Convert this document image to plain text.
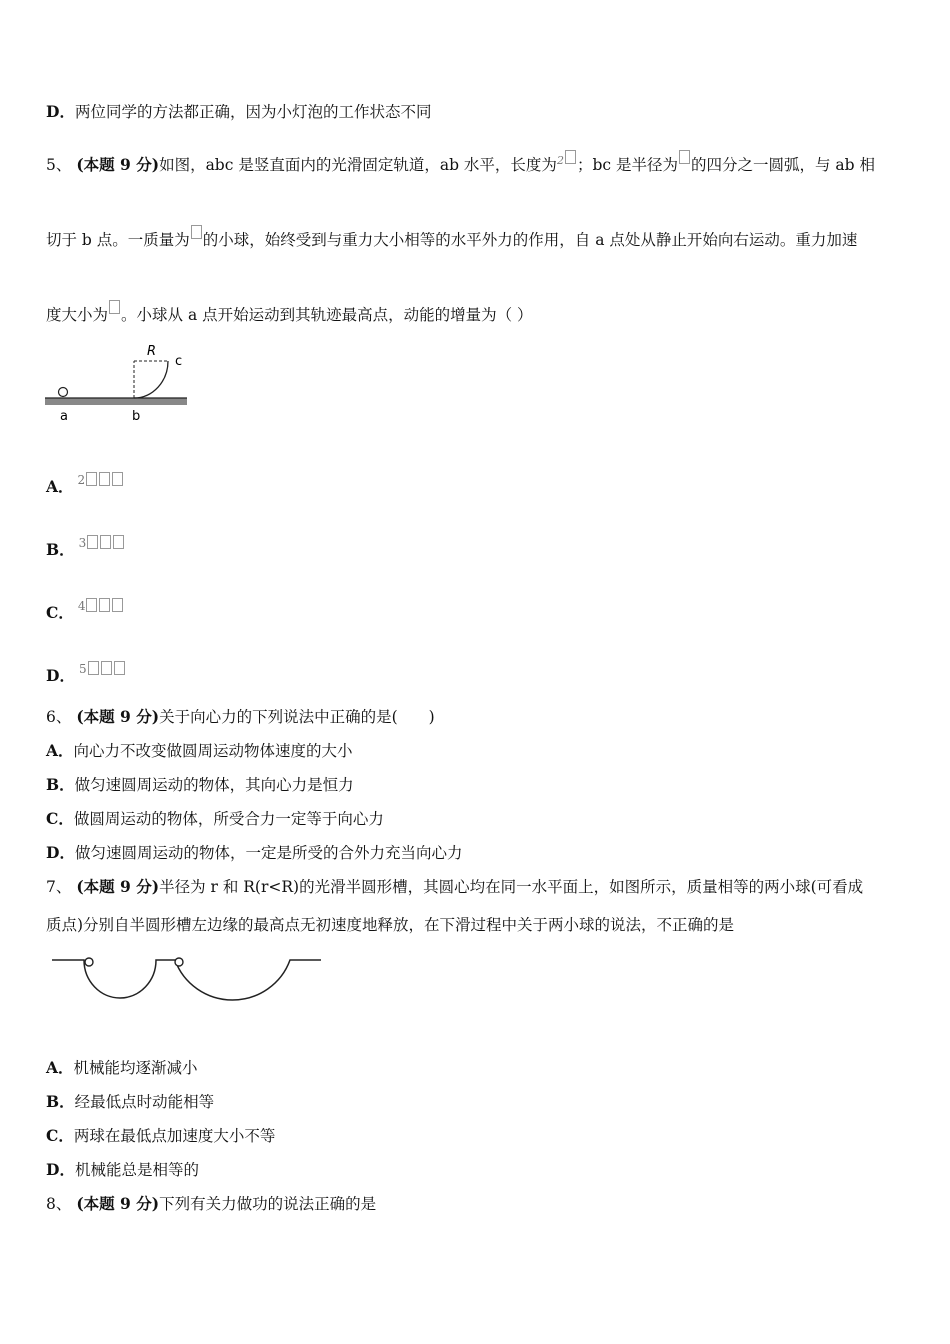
D．两位同学的方法都正确，因为小灯泡的工作状态不同
5、 (本题 9 分)如图，abc 是竖直面内的光滑固定轨道，ab 水平，长度为$^2$ ；bc 是半径为 的四分之一圆弧，与 ab 相
切于 b 点。一质量为 的小球，始终受到与重力大小相等的水平外力的作用，自 a 点处从静止开始向右运动。重力加速
度大小为 。小球从 a 点开始运动到其轨迹最高点，动能的增量为（ ）
R
c
a	b
A． $^2$
B． $^3$
C． $^4$
D． $^5$
6、 (本题 9 分)关于向心力的下列说法中正确的是(　　)
A．向心力不改变做圆周运动物体速度的大小
B．做匀速圆周运动的物体，其向心力是恒力
C．做圆周运动的物体，所受合力一定等于向心力
D．做匀速圆周运动的物体，一定是所受的合外力充当向心力
7、 (本题 9 分)半径为 r 和 R(r<R)的光滑半圆形槽，其圆心均在同一水平面上，如图所示，质量相等的两小球(可看成
质点)分别自半圆形槽左边缘的最高点无初速度地释放，在下滑过程中关于两小球的说法，不正确的是
A．机械能均逐渐减小
B．经最低点时动能相等
C．两球在最低点加速度大小不等
D．机械能总是相等的
8、 (本题 9 分)下列有关力做功的说法正确的是
